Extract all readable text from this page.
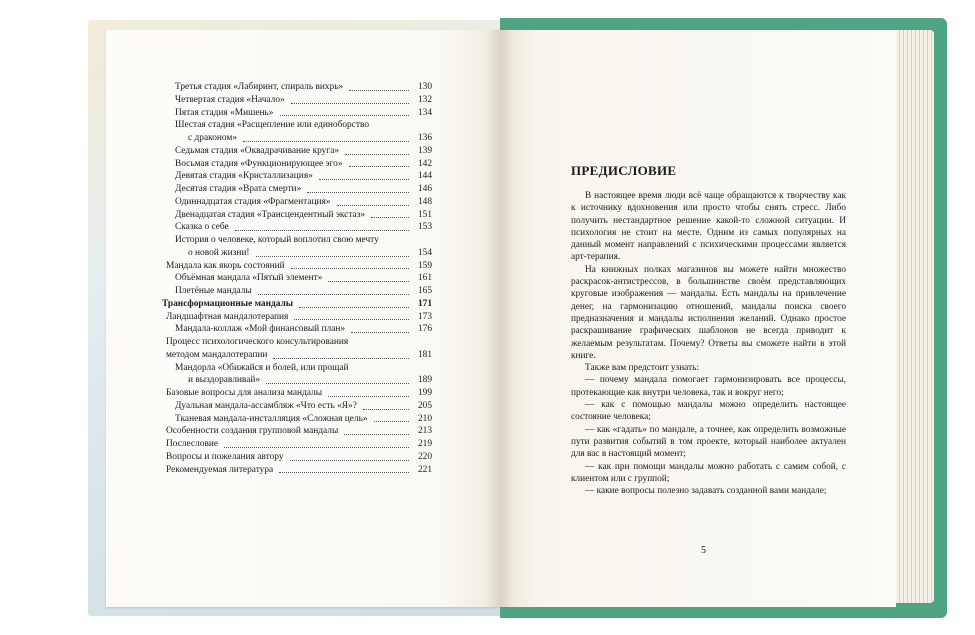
Третья стадия «Лабиринт, спираль вихрь»	130
Четвертая стадия «Начало»	132
Пятая стадия «Мишень»	134
Шестая стадия «Расщепление или единоборство
с драконом»	136
Седьмая стадия «Оквадрачивание круга»	139
Восьмая стадия «Функционирующее эго»	142
Девятая стадия «Кристаллизация»	144
Десятая стадия «Врата смерти»	146
Одиннадцатая стадия «Фрагментация»	148
Двенадцатая стадия «Трансцендентный экстаз»	151
Сказка о себе	153
История о человеке, который воплотил свою мечту
о новой жизни!	154
Мандала как якорь состояний	159
Объёмная мандала «Пятый элемент»	161
Плетёные мандалы	165
Трансформационные мандалы	171
Ландшафтная мандалотерапия	173
Мандала-коллаж «Мой финансовый план»	176
Процесс психологического консультирования
методом мандалотерапии	181
Мандорла «Обижайся и болей, или прощай
и выздоравливай»	189
Базовые вопросы для анализа мандалы	199
Дуальная мандала-ассамбляж «Что есть «Я»?	205
Тканевая мандала-инсталляция «Сложная цель»	210
Особенности создания групповой мандалы	213
Послесловие	219
Вопросы и пожелания автору	220
Рекомендуемая литература	221
ПРЕДИСЛОВИЕ

В настоящее время люди всё чаще обращаются к творчеству как к источнику вдохновения или просто чтобы снять стресс. Либо получить нестандартное решение какой-то сложной ситуации. И психология не стоит на месте. Одним из самых популярных на данный момент направлений с психическими процессами является арт-терапия.

На книжных полках магазинов вы можете найти множество раскрасок-антистрессов, в большинстве своём представляющих круговые изображения — мандалы. Есть мандалы на привлечение денег, на гармонизацию отношений, мандалы поиска своего предназначения и мандалы исполнения желаний. Однако простое раскрашивание графических шаблонов не всегда приводит к желаемым результатам. Почему? Ответы вы сможете найти в этой книге.

Также вам предстоит узнать:

— почему мандала помогает гармонизировать все процессы, протекающие как внутри человека, так и вокруг него;

— как с помощью мандалы можно определить настоящее состояние человека;

— как «гадать» по мандале, а точнее, как определить возможные пути развития событий в том проекте, который наиболее актуален для вас в настоящий момент;

— как при помощи мандалы можно работать с самим собой, с клиентом или с группой;

— какие вопросы полезно задавать созданной вами мандале;

5
